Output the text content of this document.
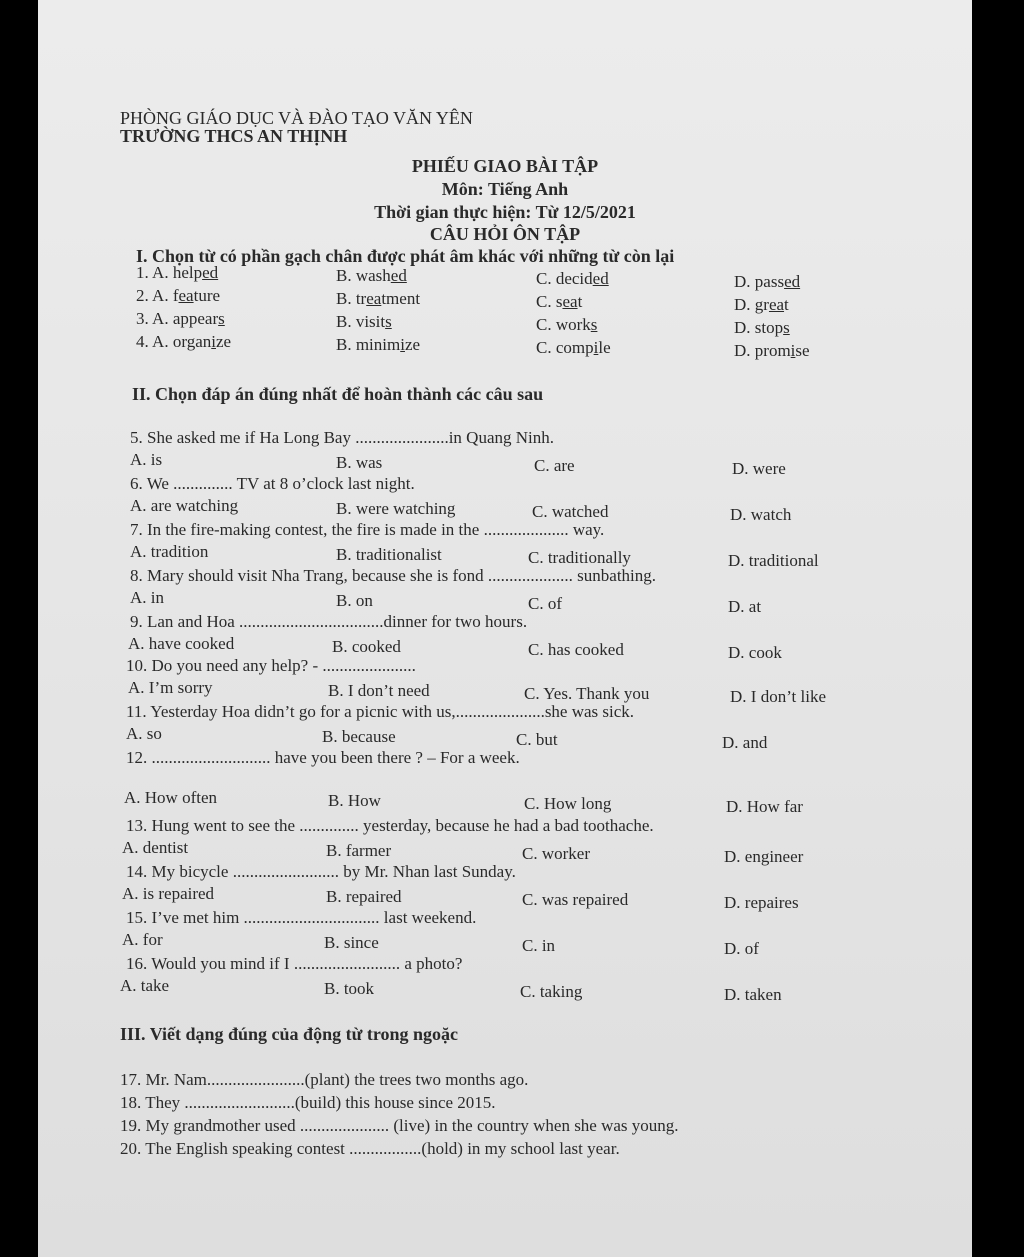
PHÒNG GIÁO DỤC VÀ ĐÀO TẠO VĂN YÊN
TRƯỜNG THCS AN THỊNH
PHIẾU GIAO BÀI TẬP
Môn: Tiếng Anh
Thời gian thực hiện: Từ 12/5/2021
CÂU HỎI ÔN TẬP
I. Chọn từ có phần gạch chân được phát âm khác với những từ còn lại
1. A. helped	B. washed	C. decided	D. passed
2. A. feature	B. treatment	C. seat	D. great
3. A. appears	B. visits	C. works	D. stops
4. A. organize	B. minimize	C. compile	D. promise
II. Chọn đáp án đúng nhất để hoàn thành các câu sau
5. She asked me if Ha Long Bay ......................in Quang Ninh.
A. is	B. was	C. are	D. were
6. We .............. TV at 8 o’clock last night.
A. are watching	B. were watching	C. watched	D. watch
7. In the fire-making contest, the fire is made in the .................... way.
A. tradition	B. traditionalist	C. traditionally	D. traditional
8. Mary should visit Nha Trang, because she is fond .................... sunbathing.
A. in	B. on	C. of	D. at
9. Lan and Hoa ..................................dinner for two hours.
A. have cooked	B. cooked	C. has cooked	D. cook
10. Do you need any help? - ......................
A. I’m sorry	B. I don’t need	C. Yes. Thank you	D. I don’t like
11. Yesterday Hoa didn’t go for a picnic with us,.....................she was sick.
A. so	B. because	C. but	D. and
12. ............................ have you been there ? – For a week.
A. How often	B. How	C. How long	D. How far
13. Hung went to see the .............. yesterday, because he had a bad toothache.
A. dentist	B. farmer	C. worker	D. engineer
14. My bicycle ......................... by Mr. Nhan last Sunday.
A. is repaired	B. repaired	C. was repaired	D. repaires
15. I’ve met him ................................ last weekend.
A. for	B. since	C. in	D. of
16. Would you mind if I ......................... a photo?
A. take	B. took	C. taking	D. taken
III. Viết dạng đúng của động từ trong ngoặc
17. Mr. Nam.......................(plant) the trees two months ago.
18. They ..........................(build) this house since 2015.
19. My grandmother used ..................... (live) in the country when she was young.
20. The English speaking contest .................(hold) in my school last year.
